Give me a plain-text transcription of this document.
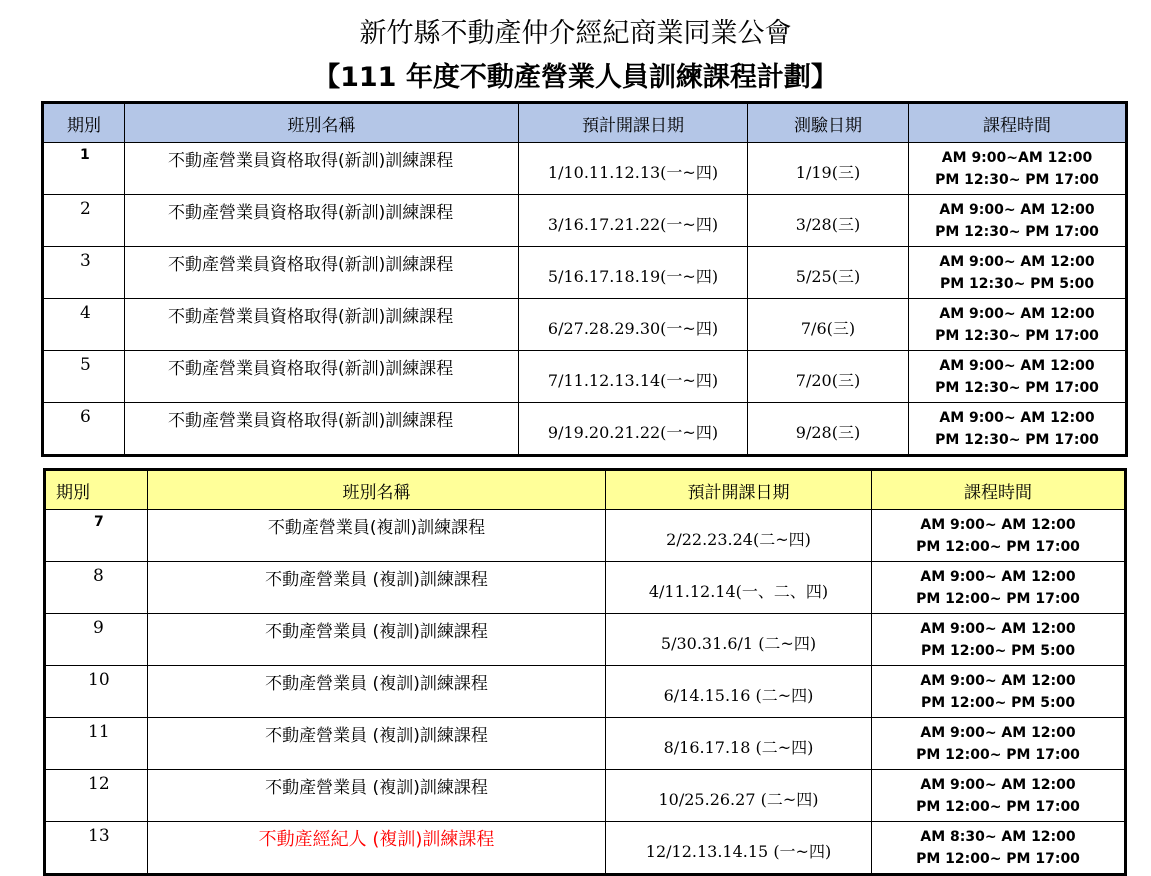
新竹縣不動產仲介經紀商業同業公會
【111 年度不動產營業人員訓練課程計劃】
期別	班別名稱	預計開課日期	測驗日期	課程時間
1	不動產營業員資格取得(新訓)訓練課程	1/10.11.12.13(一~四)	1/19(三)	AM 9:00~AM 12:00
PM 12:30~ PM 17:00

2	不動產營業員資格取得(新訓)訓練課程	3/16.17.21.22(一~四)	3/28(三)	AM 9:00~ AM 12:00
PM 12:30~ PM 17:00

3	不動產營業員資格取得(新訓)訓練課程	5/16.17.18.19(一~四)	5/25(三)	AM 9:00~ AM 12:00
PM 12:30~ PM 5:00

4	不動產營業員資格取得(新訓)訓練課程	6/27.28.29.30(一~四)	7/6(三)	AM 9:00~ AM 12:00
PM 12:30~ PM 17:00

5	不動產營業員資格取得(新訓)訓練課程	7/11.12.13.14(一~四)	7/20(三)	AM 9:00~ AM 12:00
PM 12:30~ PM 17:00

6	不動產營業員資格取得(新訓)訓練課程	9/19.20.21.22(一~四)	9/28(三)	AM 9:00~ AM 12:00
PM 12:30~ PM 17:00
期別	班別名稱	預計開課日期	課程時間
7	不動產營業員(複訓)訓練課程	2/22.23.24(二~四)	AM 9:00~ AM 12:00
PM 12:00~ PM 17:00

8	不動產營業員 (複訓)訓練課程	4/11.12.14(一、二、四)	AM 9:00~ AM 12:00
PM 12:00~ PM 17:00

9	不動產營業員 (複訓)訓練課程	5/30.31.6/1 (二~四)	AM 9:00~ AM 12:00
PM 12:00~ PM 5:00

10	不動產營業員 (複訓)訓練課程	6/14.15.16 (二~四)	AM 9:00~ AM 12:00
PM 12:00~ PM 5:00

11	不動產營業員 (複訓)訓練課程	8/16.17.18 (二~四)	AM 9:00~ AM 12:00
PM 12:00~ PM 17:00

12	不動產營業員 (複訓)訓練課程	10/25.26.27 (二~四)	AM 9:00~ AM 12:00
PM 12:00~ PM 17:00

13	不動產經紀人 (複訓)訓練課程	12/12.13.14.15 (一~四)	AM 8:30~ AM 12:00
PM 12:00~ PM 17:00
